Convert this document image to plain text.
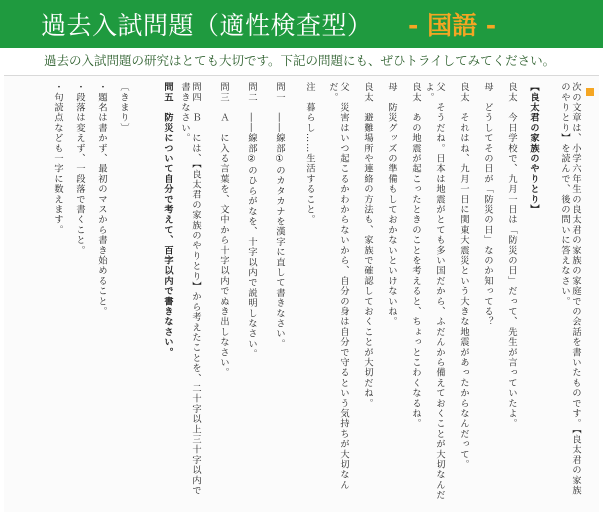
過去入試問題（適性検査型） - 国語 -
過去の入試問題の研究はとても大切です。下記の問題にも、ぜひトライしてみてください。
次の文章は、小学六年生の良太君の家族の家庭での会話を書いたものです。【良太君の家族のやりとり】を読んで、後の問いに答えなさい。
【良太君の家族のやりとり】
良太　今日学校で、九月一日は「防災の日」だって、先生が言っていたよ。
母　どうしてその日が「防災の日」なのか知ってる？
良太　それはね、九月一日に関東大震災という大きな地震があったからなんだって。
父　そうだね。日本は地震がとても多い国だから、ふだんから備えておくことが大切なんだよ。
良太　あの地震が起こったときのことを考えると、ちょっとこわくなるね。
母　防災グッズの準備もしておかないといけないね。
良太　避難場所や連絡の方法も、家族で確認しておくことが大切だね。
父　災害はいつ起こるかわからないから、自分の身は自分で守るという気持ちが大切なんだ。
注　暮らし……生活すること。
問一　――線部①のカタカナを漢字に直して書きなさい。
問二　――線部②のひらがなを、十字以内で説明しなさい。
問三　Ａ　に入る言葉を、文中から十字以内でぬき出しなさい。
問四　Ｂ　には、【良太君の家族のやりとり】から考えたことを、二十字以上三十字以内で書きなさい。
問五　防災について自分で考えて、百字以内で書きなさい。
〔きまり〕
・題名は書かず、最初のマスから書き始めること。
・段落は変えず、一段落で書くこと。
・句読点なども一字に数えます。
